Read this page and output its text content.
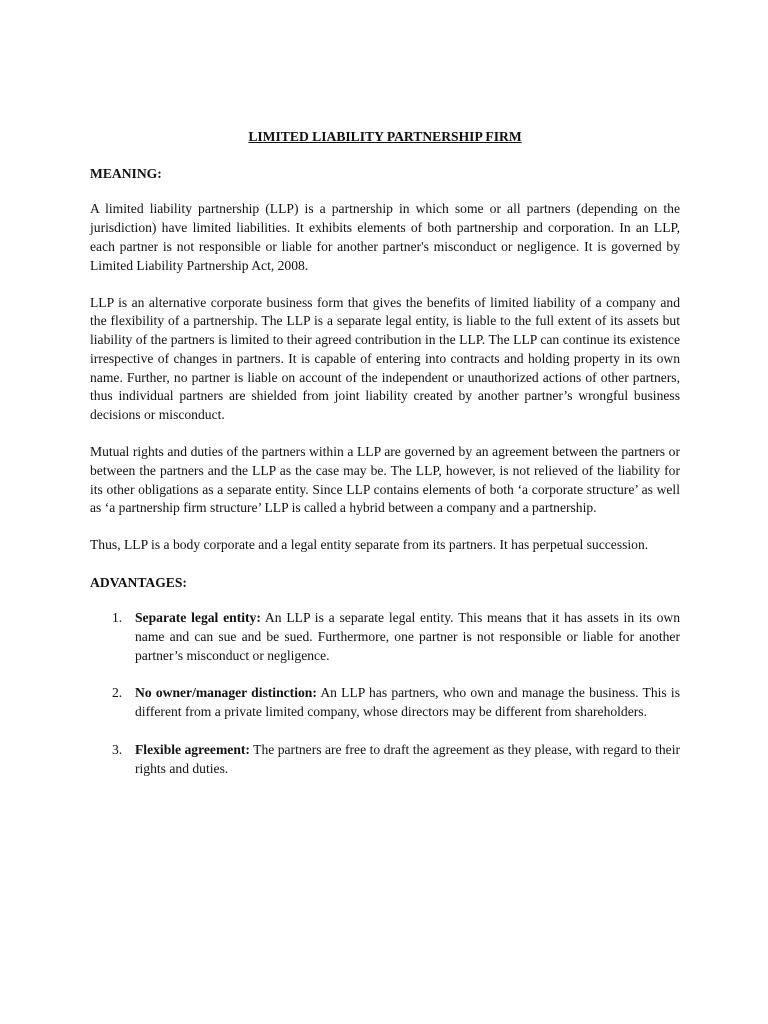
LIMITED LIABILITY PARTNERSHIP FIRM
MEANING:

A limited liability partnership (LLP) is a partnership in which some or all partners (depending on the jurisdiction) have limited liabilities. It exhibits elements of both partnership and corporation. In an LLP, each partner is not responsible or liable for another partner's misconduct or negligence. It is governed by Limited Liability Partnership Act, 2008.

LLP is an alternative corporate business form that gives the benefits of limited liability of a company and the flexibility of a partnership. The LLP is a separate legal entity, is liable to the full extent of its assets but liability of the partners is limited to their agreed contribution in the LLP. The LLP can continue its existence irrespective of changes in partners. It is capable of entering into contracts and holding property in its own name. Further, no partner is liable on account of the independent or unauthorized actions of other partners, thus individual partners are shielded from joint liability created by another partner’s wrongful business decisions or misconduct.

Mutual rights and duties of the partners within a LLP are governed by an agreement between the partners or between the partners and the LLP as the case may be. The LLP, however, is not relieved of the liability for its other obligations as a separate entity. Since LLP contains elements of both ‘a corporate structure’ as well as ‘a partnership firm structure’ LLP is called a hybrid between a company and a partnership.

Thus, LLP is a body corporate and a legal entity separate from its partners. It has perpetual succession.

ADVANTAGES:
1. Separate legal entity: An LLP is a separate legal entity. This means that it has assets in its own name and can sue and be sued. Furthermore, one partner is not responsible or liable for another partner’s misconduct or negligence.
2. No owner/manager distinction: An LLP has partners, who own and manage the business. This is different from a private limited company, whose directors may be different from shareholders.
3. Flexible agreement: The partners are free to draft the agreement as they please, with regard to their rights and duties.
